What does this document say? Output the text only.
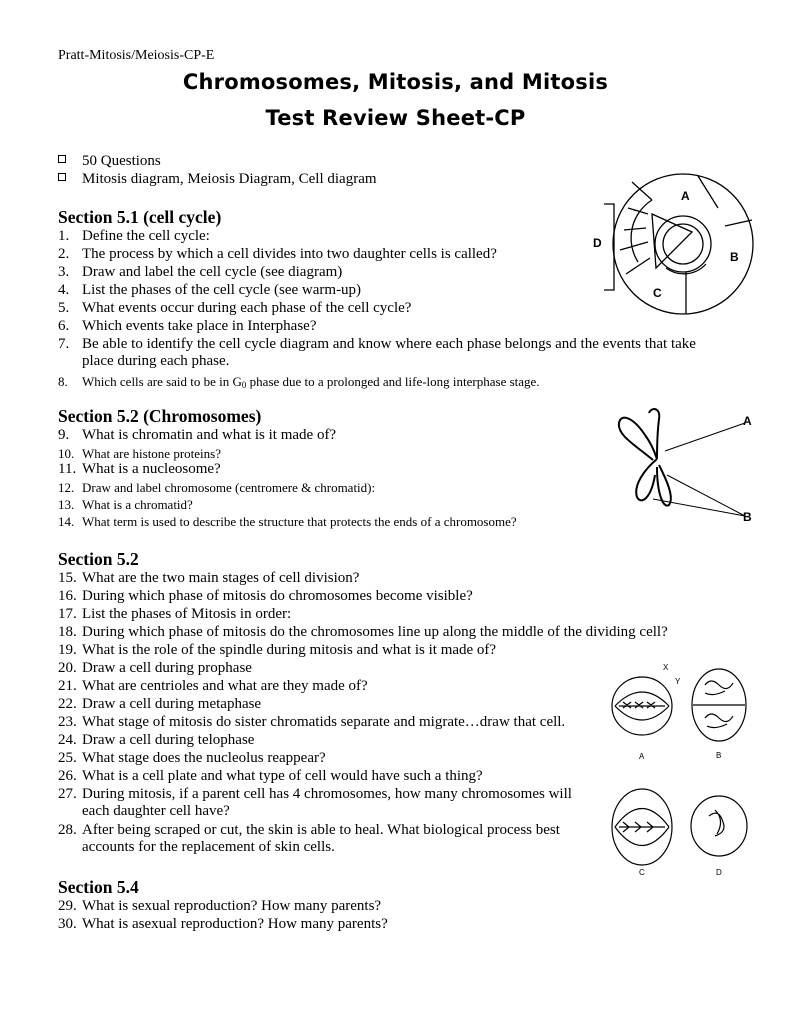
Pratt-Mitosis/Meiosis-CP-E
Chromosomes, Mitosis, and Mitosis
Test Review Sheet-CP
50 Questions
Mitosis diagram, Meiosis Diagram, Cell diagram
Section 5.1 (cell cycle)
1. Define the cell cycle:
2. The process by which a cell divides into two daughter cells is called?
3. Draw and label the cell cycle (see diagram)
4. List the phases of the cell cycle (see warm-up)
5. What events occur during each phase of the cell cycle?
6. Which events take place in Interphase?
7. Be able to identify the cell cycle diagram and know where each phase belongs and the events that take
place during each phase.
8. Which cells are said to be in $G_0$ phase due to a prolonged and life-long interphase stage.
Section 5.2 (Chromosomes)
9. What is chromatin and what is it made of?
10. What are histone proteins?
11. What is a nucleosome?
12. Draw and label chromosome (centromere & chromatid):
13. What is a chromatid?
14. What term is used to describe the structure that protects the ends of a chromosome?
Section 5.2
15. What are the two main stages of cell division?
16. During which phase of mitosis do chromosomes become visible?
17. List the phases of Mitosis in order:
18. During which phase of mitosis do the chromosomes line up along the middle of the dividing cell?
19. What is the role of the spindle during mitosis and what is it made of?
20. Draw a cell during prophase
21. What are centrioles and what are they made of?
22. Draw a cell during metaphase
23. What stage of mitosis do sister chromatids separate and migrate…draw that cell.
24. Draw a cell during telophase
25. What stage does the nucleolus reappear?
26. What is a cell plate and what type of cell would have such a thing?
27. During mitosis, if a parent cell has 4 chromosomes, how many chromosomes will
each daughter cell have?
28. After being scraped or cut, the skin is able to heal. What biological process best
accounts for the replacement of skin cells.
Section 5.4
29. What is sexual reproduction? How many parents?
30. What is asexual reproduction? How many parents?
A
B
C
D
A
B
X
Y
A	B
C	D
